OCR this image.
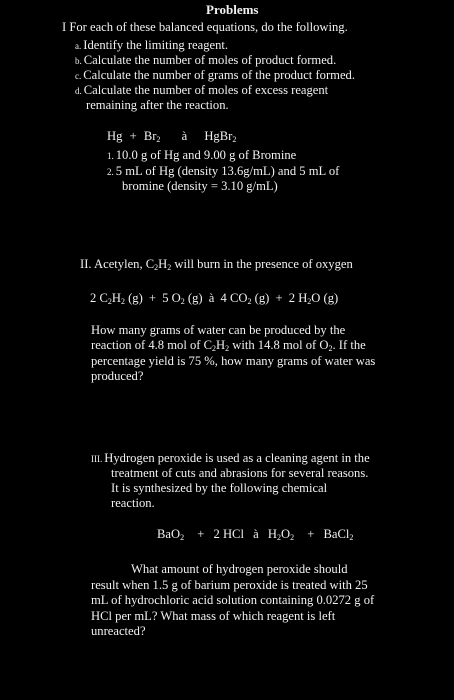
Problems
I For each of these balanced equations, do the following.
a. Identify the limiting reagent.
b. Calculate the number of moles of product formed.
c. Calculate the number of grams of the product formed.
d. Calculate the number of moles of excess reagent
remaining after the reaction.
$Hg + Br_2$ à HgBr$_2$
1. 10.0 g of Hg and 9.00 g of Bromine
2. 5 mL of Hg (density 13.6g/mL) and 5 mL of
bromine (density = 3.10 g/mL)
II. Acetylen, $C_2H_2$ will burn in the presence of oxygen
2 $C_2H_2$ (g) + 5 $O_2$ (g) à 4 $CO_2$ (g) + 2 $H_2O$ (g)
How many grams of water can be produced by the
reaction of 4.8 mol of $C_2H_2$ with 14.8 mol of $O_2$. If the
percentage yield is 75 %, how many grams of water was
produced?
III. Hydrogen peroxide is used as a cleaning agent in the
treatment of cuts and abrasions for several reasons.
It is synthesized by the following chemical
reaction.
BaO$_2$ + 2 HCl à $H_2O_2$ + BaCl$_2$
What amount of hydrogen peroxide should
result when 1.5 g of barium peroxide is treated with 25
mL of hydrochloric acid solution containing 0.0272 g of
HCl per mL? What mass of which reagent is left
unreacted?
